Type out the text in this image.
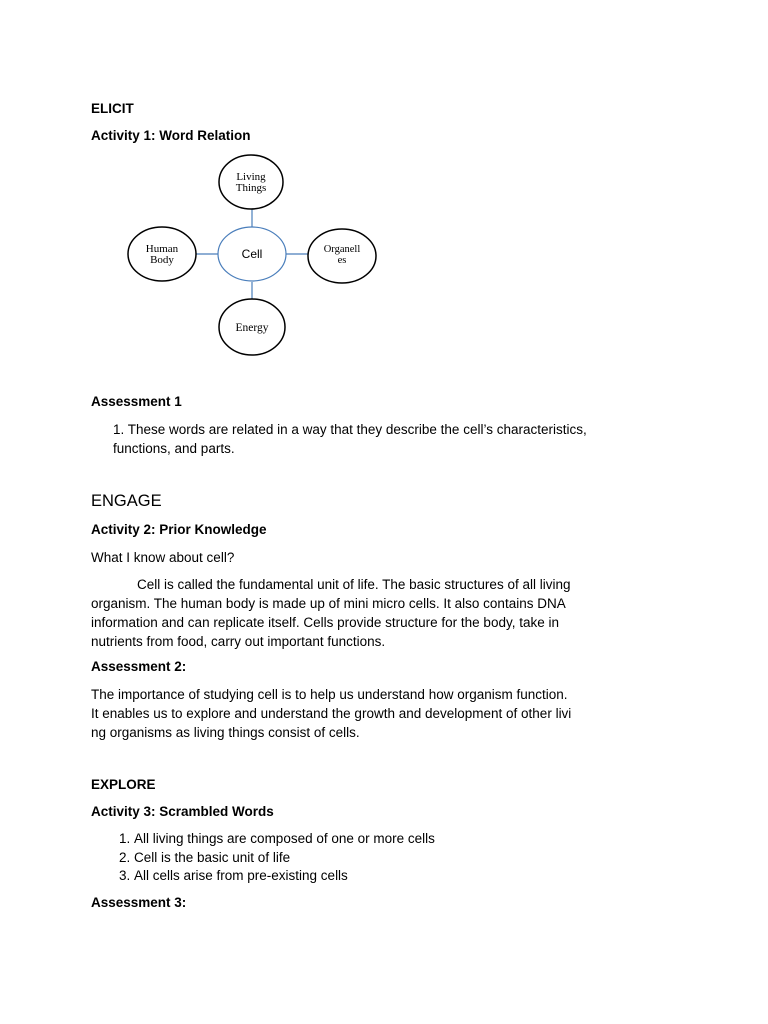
ELICIT
Activity 1: Word Relation
Cell
Living
Things
Human
Body
Organell
es
Energy
Assessment 1
1. These words are related in a way that they describe the cell’s characteristics,
functions, and parts.
ENGAGE
Activity 2: Prior Knowledge
What I know about cell?
Cell is called the fundamental unit of life. The basic structures of all living
organism. The human body is made up of mini micro cells. It also contains DNA
information and can replicate itself. Cells provide structure for the body, take in
nutrients from food, carry out important functions.
Assessment 2:
The importance of studying cell is to help us understand how organism function.
It enables us to explore and understand the growth and development of other livi
ng organisms as living things consist of cells.
EXPLORE
Activity 3: Scrambled Words
1. All living things are composed of one or more cells
2. Cell is the basic unit of life
3. All cells arise from pre-existing cells
Assessment 3:
